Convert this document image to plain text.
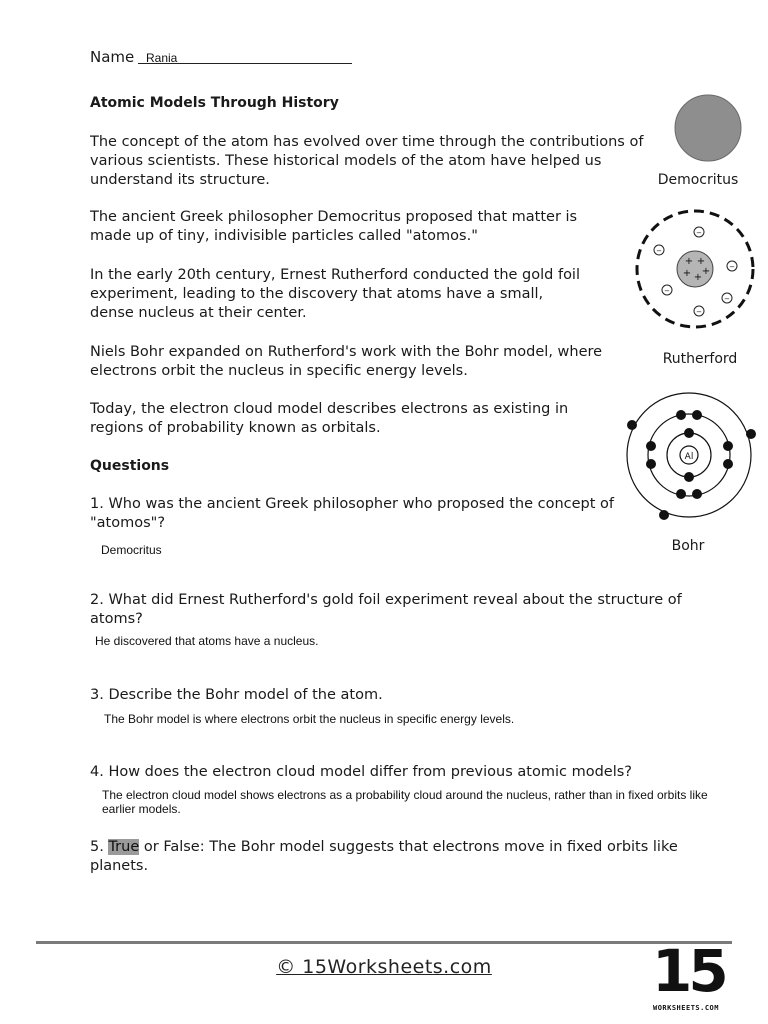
Name Rania
Atomic Models Through History
The concept of the atom has evolved over time through the contributions of various scientists. These historical models of the atom have helped us understand its structure.
The ancient Greek philosopher Democritus proposed that matter is made up of tiny, indivisible particles called "atomos."
In the early 20th century, Ernest Rutherford conducted the gold foil experiment, leading to the discovery that atoms have a small, dense nucleus at their center.
Niels Bohr expanded on Rutherford's work with the Bohr model, where electrons orbit the nucleus in specific energy levels.
Today, the electron cloud model describes electrons as existing in regions of probability known as orbitals.
Democritus
+ +
+ +
+
−
−
−
−
−
−
Rutherford
Al
Bohr
Questions
1. Who was the ancient Greek philosopher who proposed the concept of "atomos"?
Democritus
2. What did Ernest Rutherford's gold foil experiment reveal about the structure of atoms?
He discovered that atoms have a nucleus.
3. Describe the Bohr model of the atom.
The Bohr model is where electrons orbit the nucleus in specific energy levels.
4. How does the electron cloud model differ from previous atomic models?
The electron cloud model shows electrons as a probability cloud around the nucleus, rather than in fixed orbits like earlier models.
5. True or False: The Bohr model suggests that electrons move in fixed orbits like planets.
© 15Worksheets.com	15
WORKSHEETS.COM
